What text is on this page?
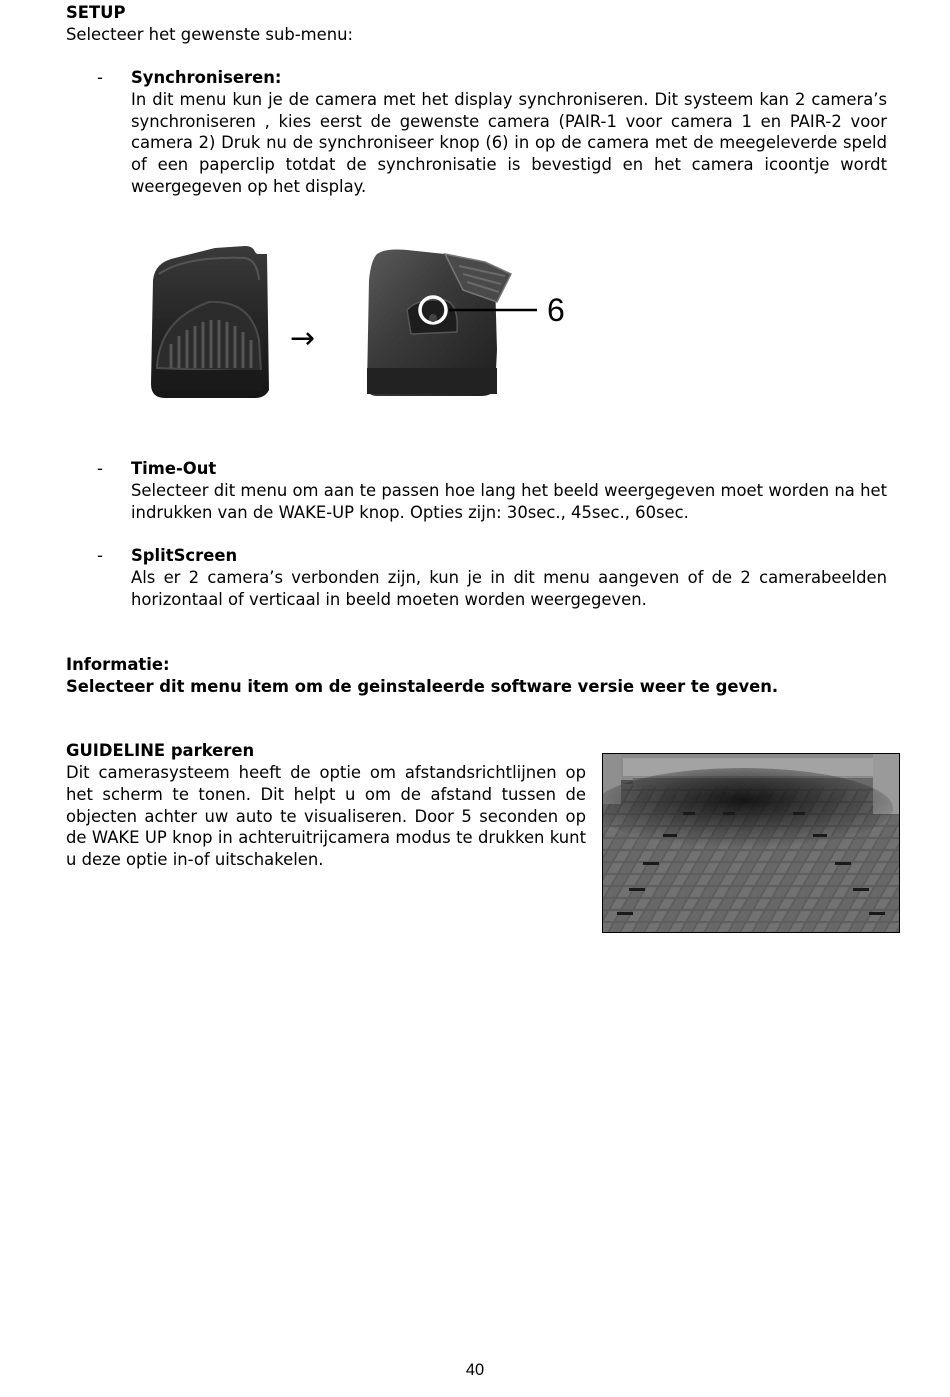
SETUP
Selecteer het gewenste sub-menu:
-	Synchroniseren:

In dit menu kun je de camera met het display synchroniseren. Dit systeem kan 2 camera’s synchroniseren , kies eerst de gewenste camera (PAIR-1 voor camera 1 en PAIR-2 voor camera 2) Druk nu de synchroniseer knop (6) in op de camera met de meegeleverde speld of een paperclip totdat de synchronisatie is bevestigd en het camera icoontje wordt weergegeven op het display.

→
6
-	Time-Out

Selecteer dit menu om aan te passen hoe lang het beeld weergegeven moet worden na het indrukken van de WAKE-UP knop. Opties zijn: 30sec., 45sec., 60sec.

-	SplitScreen

Als er 2 camera’s verbonden zijn, kun je in dit menu aangeven of de 2 camerabeelden horizontaal of verticaal in beeld moeten worden weergegeven.

Informatie:
Selecteer dit menu item om de geinstaleerde software versie weer te geven.
GUIDELINE parkeren
Dit camerasysteem heeft de optie om afstandsrichtlijnen op het scherm te tonen. Dit helpt u om de afstand tussen de objecten achter uw auto te visualiseren. Door 5 seconden op de WAKE UP knop in achteruitrijcamera modus te drukken kunt u deze optie in-of uitschakelen.
40
